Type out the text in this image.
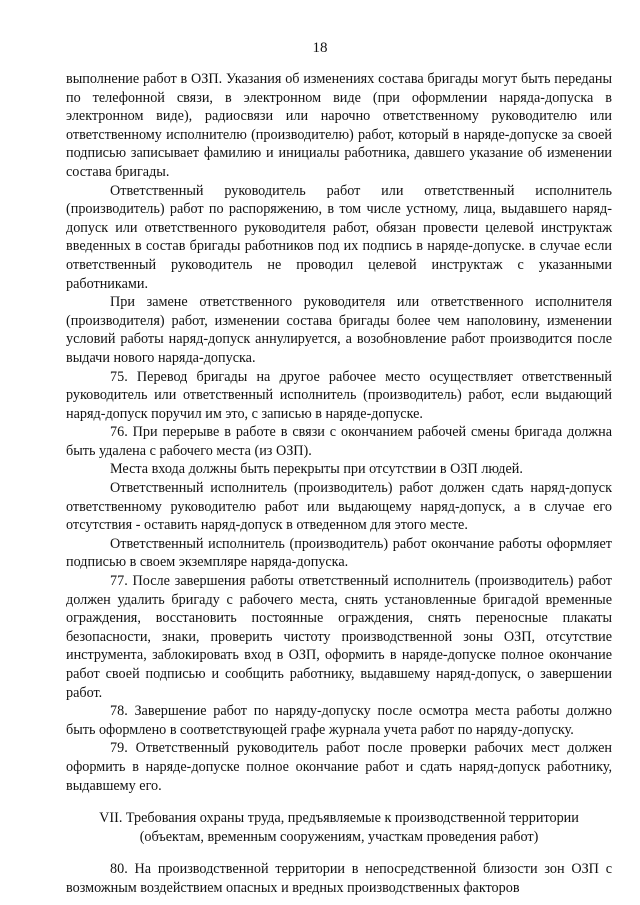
18

выполнение работ в ОЗП. Указания об изменениях состава бригады могут быть переданы по телефонной связи, в электронном виде (при оформлении наряда-допуска в электронном виде), радиосвязи или нарочно ответственному руководителю или ответственному исполнителю (производителю) работ, который в наряде-допуске за своей подписью записывает фамилию и инициалы работника, давшего указание об изменении состава бригады.

Ответственный руководитель работ или ответственный исполнитель (производитель) работ по распоряжению, в том числе устному, лица, выдавшего наряд-допуск или ответственного руководителя работ, обязан провести целевой инструктаж введенных в состав бригады работников под их подпись в наряде-допуске. в случае если ответственный руководитель не проводил целевой инструктаж с указанными работниками.

При замене ответственного руководителя или ответственного исполнителя (производителя) работ, изменении состава бригады более чем наполовину, изменении условий работы наряд-допуск аннулируется, а возобновление работ производится после выдачи нового наряда-допуска.

75. Перевод бригады на другое рабочее место осуществляет ответственный руководитель или ответственный исполнитель (производитель) работ, если выдающий наряд-допуск поручил им это, с записью в наряде-допуске.

76. При перерыве в работе в связи с окончанием рабочей смены бригада должна быть удалена с рабочего места (из ОЗП).

Места входа должны быть перекрыты при отсутствии в ОЗП людей.

Ответственный исполнитель (производитель) работ должен сдать наряд-допуск ответственному руководителю работ или выдающему наряд-допуск, а в случае его отсутствия - оставить наряд-допуск в отведенном для этого месте.

Ответственный исполнитель (производитель) работ окончание работы оформляет подписью в своем экземпляре наряда-допуска.

77. После завершения работы ответственный исполнитель (производитель) работ должен удалить бригаду с рабочего места, снять установленные бригадой временные ограждения, восстановить постоянные ограждения, снять переносные плакаты безопасности, знаки, проверить чистоту производственной зоны ОЗП, отсутствие инструмента, заблокировать вход в ОЗП, оформить в наряде-допуске полное окончание работ своей подписью и сообщить работнику, выдавшему наряд-допуск, о завершении работ.

78. Завершение работ по наряду-допуску после осмотра места работы должно быть оформлено в соответствующей графе журнала учета работ по наряду-допуску.

79. Ответственный руководитель работ после проверки рабочих мест должен оформить в наряде-допуске полное окончание работ и сдать наряд-допуск работнику, выдавшему его.

VII. Требования охраны труда, предъявляемые к производственной территории (объектам, временным сооружениям, участкам проведения работ)

80. На производственной территории в непосредственной близости зон ОЗП с возможным воздействием опасных и вредных производственных факторов
